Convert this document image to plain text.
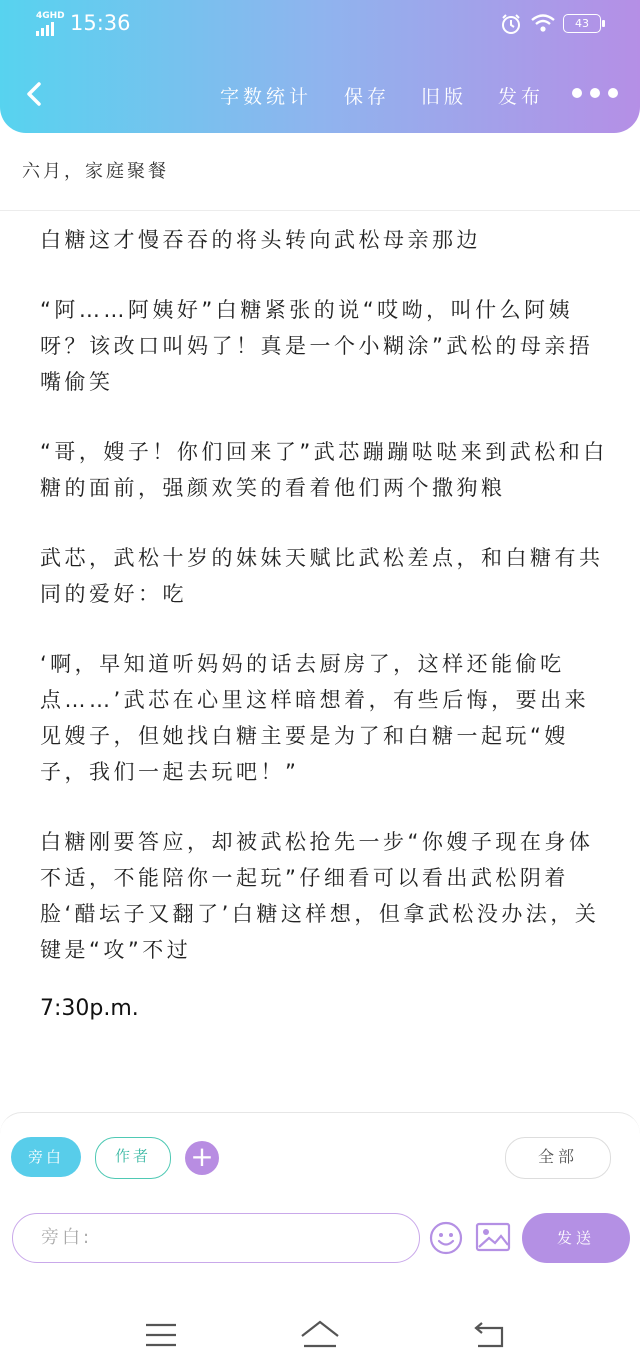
4GHD 15:36	43
字数统计 保存 旧版 发布
六月，家庭聚餐

白糖这才慢吞吞的将头转向武松母亲那边

“阿……阿姨好”白糖紧张的说“哎呦，叫什么阿姨呀？该改口叫妈了！真是一个小糊涂”武松的母亲捂嘴偷笑

“哥，嫂子！你们回来了”武芯蹦蹦哒哒来到武松和白糖的面前，强颜欢笑的看着他们两个撒狗粮

武芯，武松十岁的妹妹天赋比武松差点，和白糖有共同的爱好：吃

‘啊，早知道听妈妈的话去厨房了，这样还能偷吃点……’武芯在心里这样暗想着，有些后悔，要出来见嫂子，但她找白糖主要是为了和白糖一起玩“嫂子，我们一起去玩吧！”

白糖刚要答应，却被武松抢先一步“你嫂子现在身体不适，不能陪你一起玩”仔细看可以看出武松阴着脸‘醋坛子又翻了’白糖这样想，但拿武松没办法，关键是“攻”不过

7:30p.m.
旁白	作者	+	全部
旁白:	发送
